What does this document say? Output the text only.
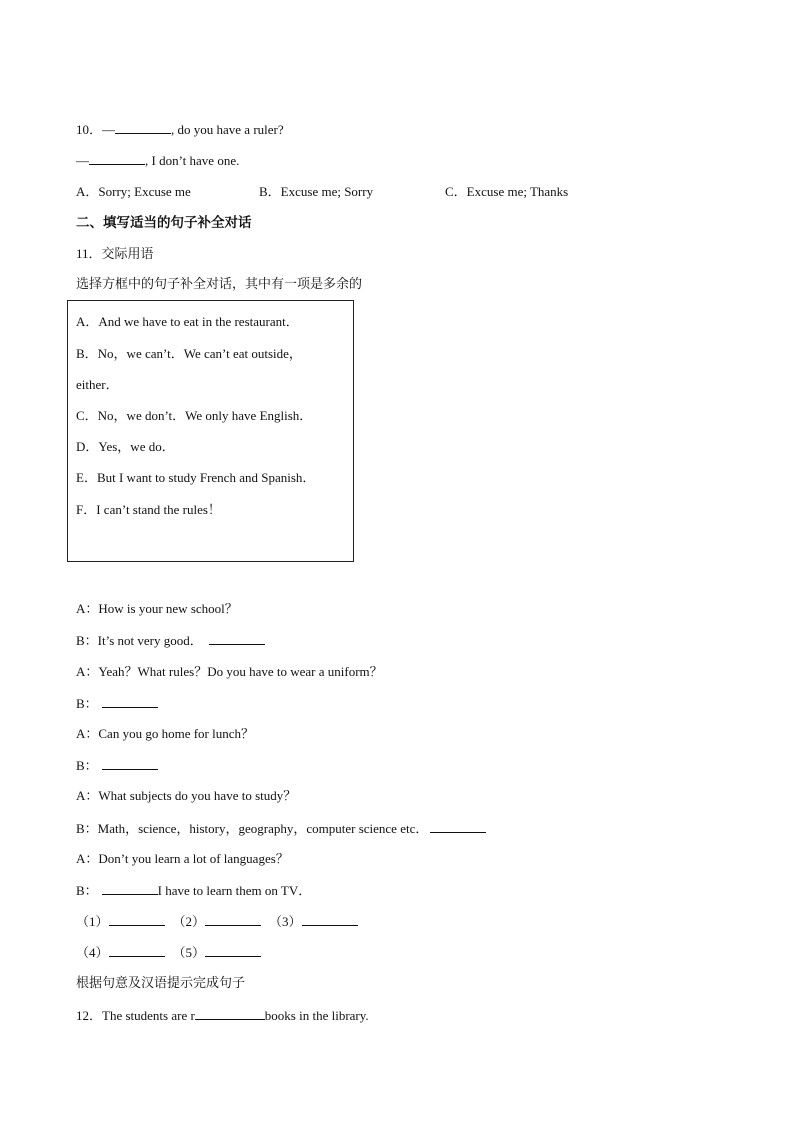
10．—	, do you have a ruler?
—	, I don’t have one.
A．Sorry; Excuse me	B．Excuse me; Sorry	C．Excuse me; Thanks
二、填写适当的句子补全对话
11．交际用语
选择方框中的句子补全对话，其中有一项是多余的
A．And we have to eat in the restaurant．
B．No，we can’t．We can’t eat outside，
either．
C．No，we don’t．We only have English．
D．Yes，we do．
E．But I want to study French and Spanish．
F．I can’t stand the rules！
A：How is your new school？
B：It’s not very good．
A：Yeah？What rules？Do you have to wear a uniform？
B：
A：Can you go home for lunch？
B：
A：What subjects do you have to study？
B：Math，science，history，geography，computer science etc．
A：Don’t you learn a lot of languages？
B：	I have to learn them on TV．
（1）	（2）	（3）
（4）	（5）
根据句意及汉语提示完成句子
12．The students are r	books in the library.
